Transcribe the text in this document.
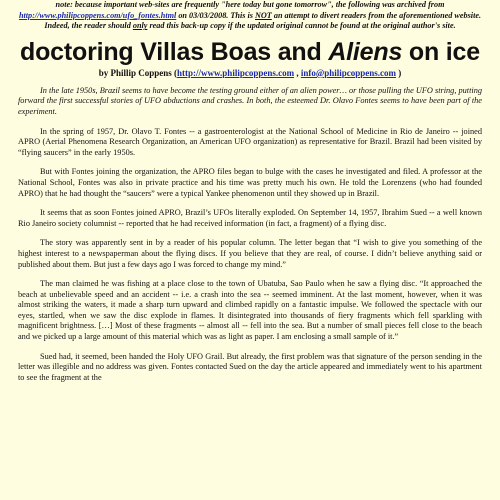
note: because important web-sites are frequently "here today but gone tomorrow", the following was archived from http://www.philipcoppens.com/ufo_fontes.html on 03/03/2008. This is NOT an attempt to divert readers from the aforementioned website. Indeed, the reader should only read this back-up copy if the updated original cannot be found at the original author's site.

doctoring Villas Boas and Aliens on ice

by Phillip Coppens (http://www.philipcoppens.com , info@philipcoppens.com )

In the late 1950s, Brazil seems to have become the testing ground either of an alien power… or those pulling the UFO string, putting forward the first successful stories of UFO abductions and crashes. In both, the esteemed Dr. Olavo Fontes seems to have been part of the experiment.

In the spring of 1957, Dr. Olavo T. Fontes -- a gastroenterologist at the National School of Medicine in Rio de Janeiro -- joined APRO (Aerial Phenomena Research Organization, an American UFO organization) as representative for Brazil. Brazil had been visited by “flying saucers” in the early 1950s.

But with Fontes joining the organization, the APRO files began to bulge with the cases he investigated and filed. A professor at the National School, Fontes was also in private practice and his time was pretty much his own. He told the Lorenzens (who had founded APRO) that he had thought the “saucers” were a typical Yankee phenomenon until they showed up in Brazil.

It seems that as soon Fontes joined APRO, Brazil’s UFOs literally exploded. On September 14, 1957, Ibrahim Sued -- a well known Rio Janeiro society columnist -- reported that he had received information (in fact, a fragment) of a flying disc.

The story was apparently sent in by a reader of his popular column. The letter began that “I wish to give you something of the highest interest to a newspaperman about the flying discs. If you believe that they are real, of course. I didn’t believe anything said or published about them. But just a few days ago I was forced to change my mind.”

The man claimed he was fishing at a place close to the town of Ubatuba, Sao Paulo when he saw a flying disc. “It approached the beach at unbelievable speed and an accident -- i.e. a crash into the sea -- seemed imminent. At the last moment, however, when it was almost striking the waters, it made a sharp turn upward and climbed rapidly on a fantastic impulse. We followed the spectacle with our eyes, startled, when we saw the disc explode in flames. It disintegrated into thousands of fiery fragments which fell sparkling with magnificent brightness. […] Most of these fragments -- almost all -- fell into the sea. But a number of small pieces fell close to the beach and we picked up a large amount of this material which was as light as paper. I am enclosing a small sample of it.”

Sued had, it seemed, been handed the Holy UFO Grail. But already, the first problem was that signature of the person sending in the letter was illegible and no address was given. Fontes contacted Sued on the day the article appeared and immediately went to his apartment to see the fragment at the
